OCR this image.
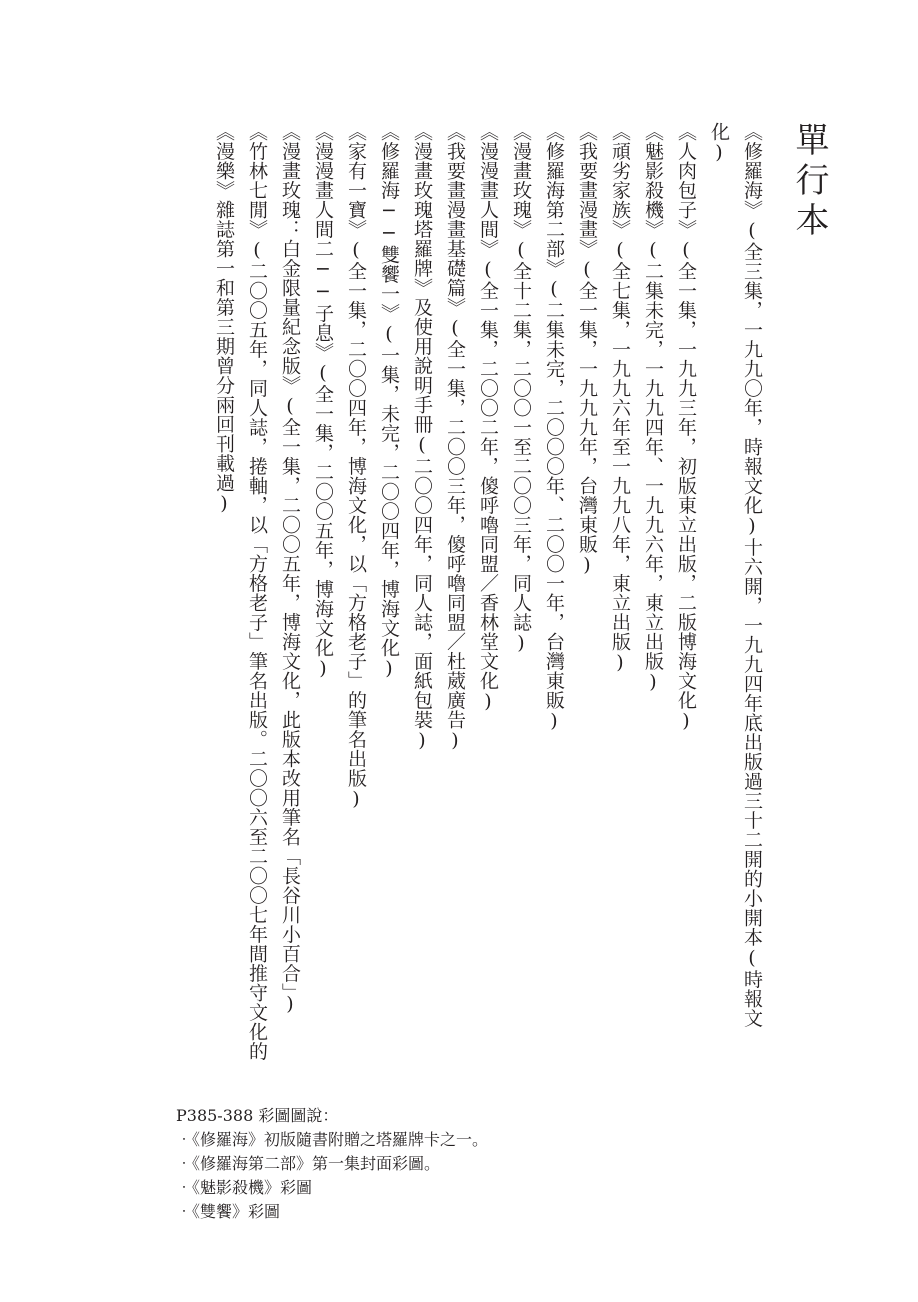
單行本
《修羅海》(全三集，一九九〇年，時報文化)十六開，一九九四年底出版過三十二開的小開本(時報文化)
《人肉包子》(全一集，一九九三年，初版東立出版，二版博海文化)
《魅影殺機》(二集未完，一九九四年、一九九六年，東立出版)
《頑劣家族》(全七集，一九九六年至一九九八年，東立出版)
《我要畫漫畫》(全一集，一九九九年，台灣東販)
《修羅海第二部》(二集未完，二〇〇〇年、二〇〇一年，台灣東販)
《漫畫玫瑰》(全十二集，二〇〇一至二〇〇三年，同人誌)
《漫漫畫人間》(全一集，二〇〇二年，傻呼嚕同盟／香林堂文化)
《我要畫漫畫基礎篇》(全一集，二〇〇三年，傻呼嚕同盟／杜葳廣告)
《漫畫玫瑰塔羅牌》及使用說明手冊(二〇〇四年，同人誌，面紙包裝)
《修羅海──雙饗一》(一集，未完，二〇〇四年，博海文化)
《家有一寶》(全一集，二〇〇四年，博海文化，以「方格老子」的筆名出版)
《漫漫畫人間二──子息》(全一集，二〇〇五年，博海文化)
《漫畫玫瑰：白金限量紀念版》(全一集，二〇〇五年，博海文化，此版本改用筆名「長谷川小百合」)
《竹林七閒》(二〇〇五年，同人誌，捲軸，以「方格老子」筆名出版。二〇〇六至二〇〇七年間推守文化的《漫樂》雜誌第一和第三期曾分兩回刊載過)
P385-388 彩圖圖說：
‧《修羅海》初版隨書附贈之塔羅牌卡之一。
‧《修羅海第二部》第一集封面彩圖。
‧《魅影殺機》彩圖
‧《雙饗》彩圖
